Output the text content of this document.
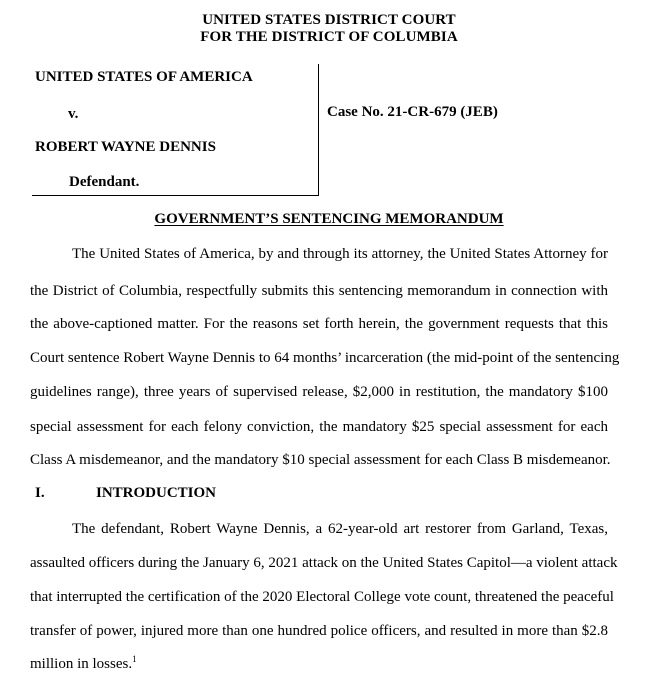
UNITED STATES DISTRICT COURT
FOR THE DISTRICT OF COLUMBIA
UNITED STATES OF AMERICA
v.
ROBERT WAYNE DENNIS
Defendant.
Case No. 21-CR-679 (JEB)
GOVERNMENT’S SENTENCING MEMORANDUM
The United States of America, by and through its attorney, the United States Attorney for
the District of Columbia, respectfully submits this sentencing memorandum in connection with
the above-captioned matter. For the reasons set forth herein, the government requests that this
Court sentence Robert Wayne Dennis to 64 months’ incarceration (the mid-point of the sentencing
guidelines range), three years of supervised release, $2,000 in restitution, the mandatory $100
special assessment for each felony conviction, the mandatory $25 special assessment for each
Class A misdemeanor, and the mandatory $10 special assessment for each Class B misdemeanor.
I.	INTRODUCTION
The defendant, Robert Wayne Dennis, a 62-year-old art restorer from Garland, Texas,
assaulted officers during the January 6, 2021 attack on the United States Capitol—a violent attack
that interrupted the certification of the 2020 Electoral College vote count, threatened the peaceful
transfer of power, injured more than one hundred police officers, and resulted in more than $2.8
million in losses.$^1$
